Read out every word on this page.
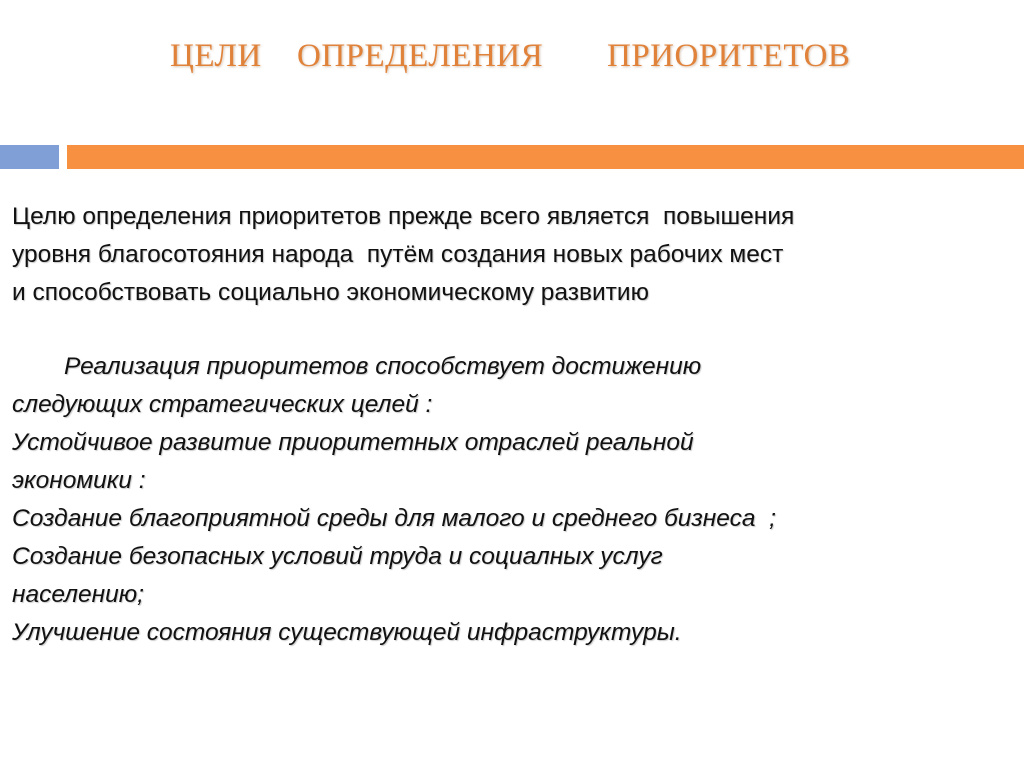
ЦЕЛИ

ОПРЕДЕЛЕНИЯ

ПРИОРИТЕТОВ

Целю определения приоритетов прежде всего является  повышения
уровня благосотояния народа  путём создания новых рабочих мест
и способствовать социально экономическому развитию
Реализация приоритетов способствует достижению
следующих стратегических целей :
Устойчивое развитие приоритетных отраслей реальной
экономики :
Создание благоприятной среды для малого и среднего бизнеса  ;
Создание безопасных условий труда и социалных услуг
населению;
Улучшение состояния существующей инфраструктуры.
